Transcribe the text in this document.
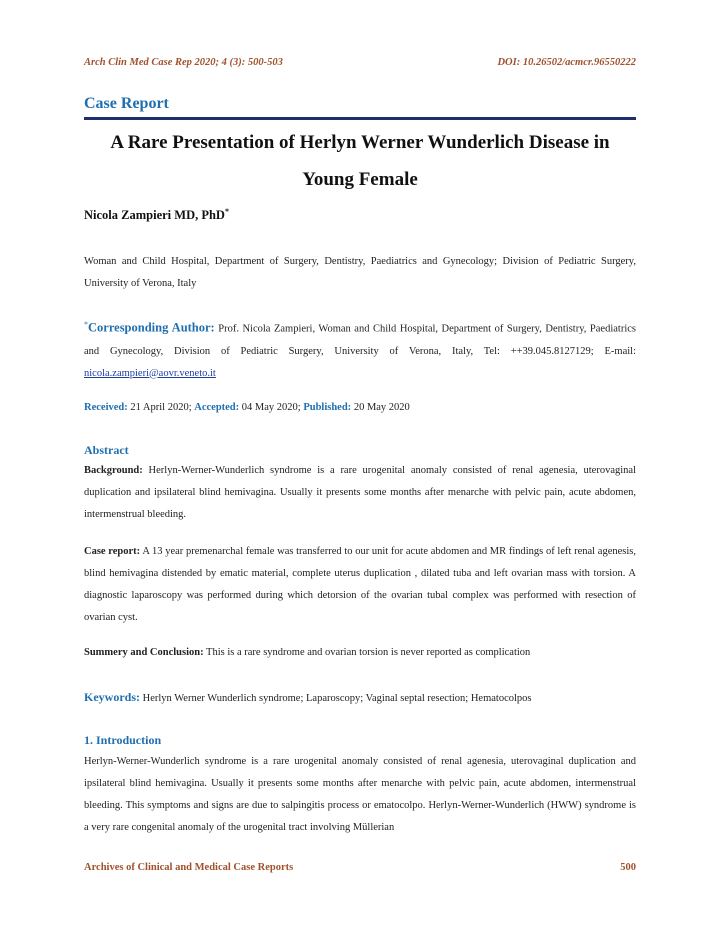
Arch Clin Med Case Rep 2020; 4 (3): 500-503	DOI: 10.26502/acmcr.96550222
Case Report
A Rare Presentation of Herlyn Werner Wunderlich Disease in
Young Female
Nicola Zampieri MD, PhD*
Woman and Child Hospital, Department of Surgery, Dentistry, Paediatrics and Gynecology; Division of Pediatric Surgery, University of Verona, Italy
*Corresponding Author: Prof. Nicola Zampieri, Woman and Child Hospital, Department of Surgery, Dentistry, Paediatrics and Gynecology, Division of Pediatric Surgery, University of Verona, Italy, Tel: ++39.045.8127129; E-mail: nicola.zampieri@aovr.veneto.it
Received: 21 April 2020; Accepted: 04 May 2020; Published: 20 May 2020
Abstract
Background: Herlyn-Werner-Wunderlich syndrome is a rare urogenital anomaly consisted of renal agenesia, uterovaginal duplication and ipsilateral blind hemivagina. Usually it presents some months after menarche with pelvic pain, acute abdomen, intermenstrual bleeding.
Case report: A 13 year premenarchal female was transferred to our unit for acute abdomen and MR findings of left renal agenesis, blind hemivagina distended by ematic material, complete uterus duplication , dilated tuba and left ovarian mass with torsion. A diagnostic laparoscopy was performed during which detorsion of the ovarian tubal complex was performed with resection of ovarian cyst.
Summery and Conclusion: This is a rare syndrome and ovarian torsion is never reported as complication
Keywords: Herlyn Werner Wunderlich syndrome; Laparoscopy; Vaginal septal resection; Hematocolpos
1. Introduction
Herlyn-Werner-Wunderlich syndrome is a rare urogenital anomaly consisted of renal agenesia, uterovaginal duplication and ipsilateral blind hemivagina. Usually it presents some months after menarche with pelvic pain, acute abdomen, intermenstrual bleeding. This symptoms and signs are due to salpingitis process or ematocolpo. Herlyn-Werner-Wunderlich (HWW) syndrome is a very rare congenital anomaly of the urogenital tract involving Müllerian
Archives of Clinical and Medical Case Reports	500
